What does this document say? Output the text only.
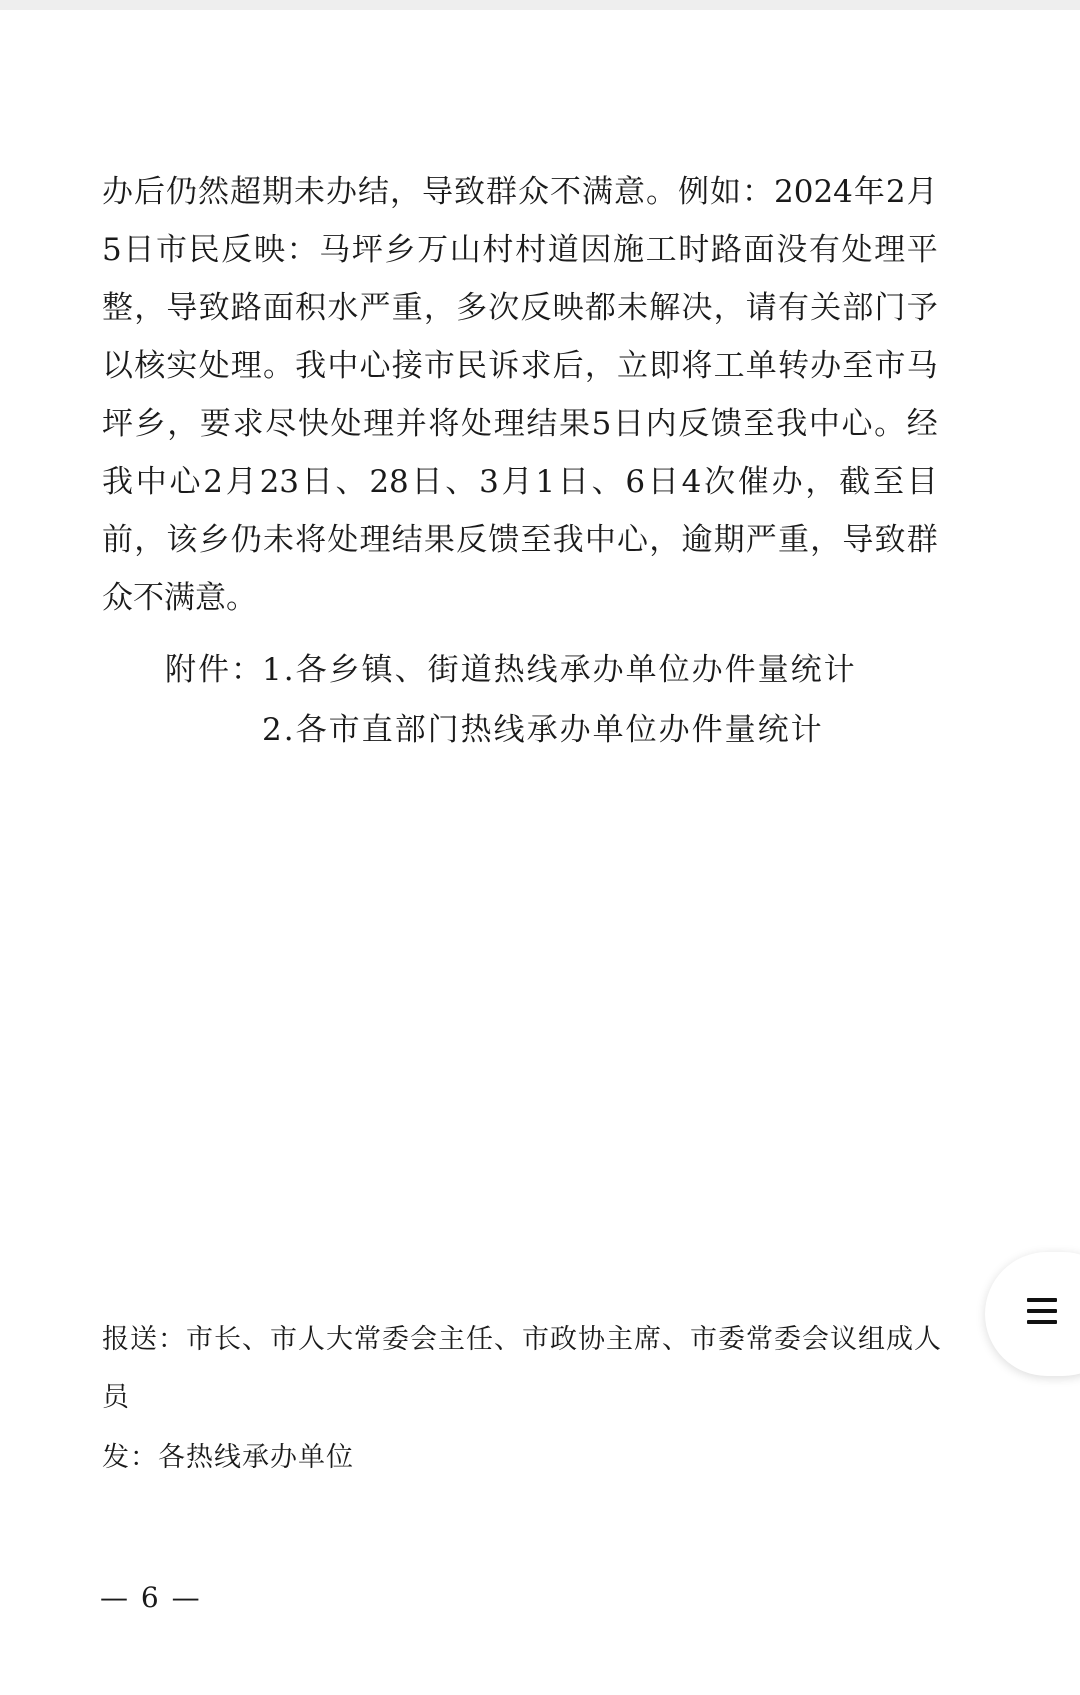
办 后 仍 然 超 期 未 办 结 ， 导 致 群 众 不 满 意 。 例 如 ： 2024 年 2 月
5 日 市 民 反 映 ： 马 坪 乡 万 山 村 村 道 因 施 工 时 路 面 没 有 处 理 平
整 ， 导 致 路 面 积 水 严 重 ， 多 次 反 映 都 未 解 决 ， 请 有 关 部 门 予
以 核 实 处 理 。 我 中 心 接 市 民 诉 求 后 ， 立 即 将 工 单 转 办 至 市 马
坪 乡 ， 要 求 尽 快 处 理 并 将 处 理 结 果 5 日 内 反 馈 至 我 中 心 。 经
我 中 心 2 月 23 日 、 28 日 、 3 月 1 日 、 6 日 4 次 催 办 ， 截 至 目
前 ， 该 乡 仍 未 将 处 理 结 果 反 馈 至 我 中 心 ， 逾 期 严 重 ， 导 致 群
众不满意。
附件：
1.各乡镇、街道热线承办单位办件量统计
2.各市直部门热线承办单位办件量统计
报送：市长、市人大常委会主任、市政协主席、市委常委会议组成人
员
发：各热线承办单位
— 6 —
